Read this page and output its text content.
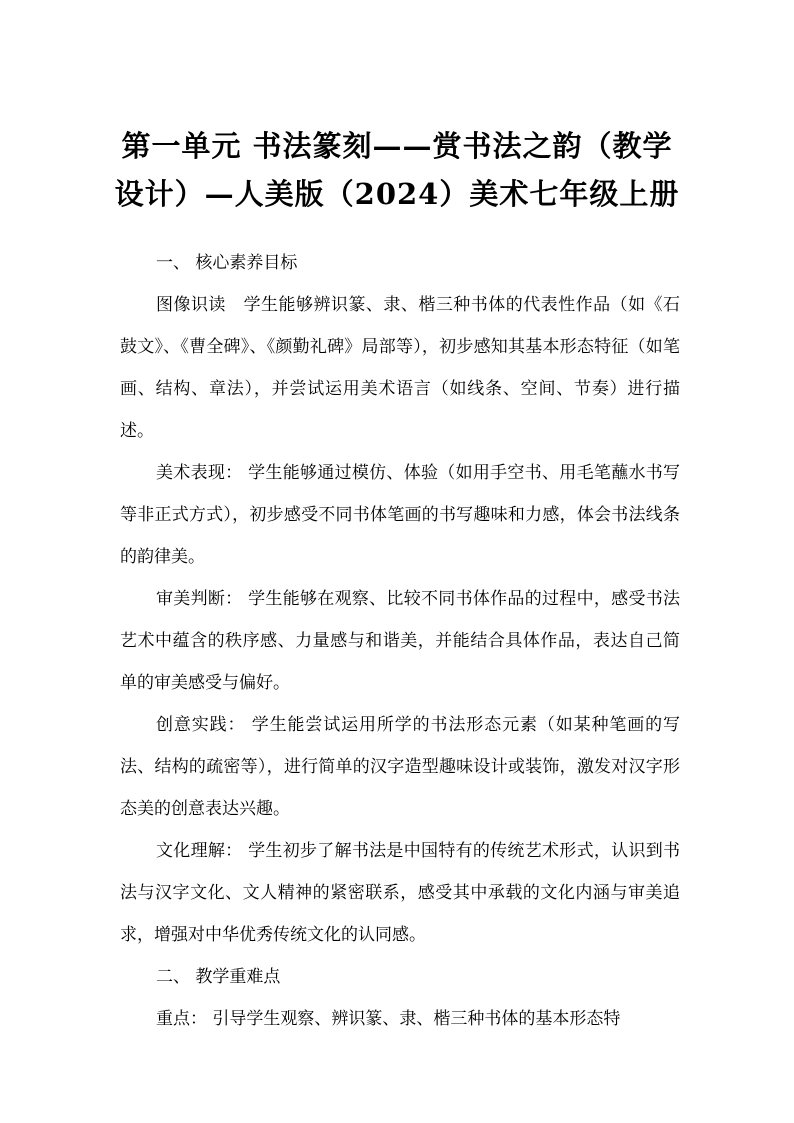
第一单元 书法篆刻——赏书法之韵（教学设计）—人美版（2024）美术七年级上册

一、 核心素养目标

图像识读 学生能够辨识篆、隶、楷三种书体的代表性作品（如《石鼓文》、《曹全碑》、《颜勤礼碑》局部等），初步感知其基本形态特征（如笔画、结构、章法），并尝试运用美术语言（如线条、空间、节奏）进行描述。

美术表现： 学生能够通过模仿、体验（如用手空书、用毛笔蘸水书写等非正式方式），初步感受不同书体笔画的书写趣味和力感，体会书法线条的韵律美。

审美判断： 学生能够在观察、比较不同书体作品的过程中，感受书法艺术中蕴含的秩序感、力量感与和谐美，并能结合具体作品，表达自己简单的审美感受与偏好。

创意实践： 学生能尝试运用所学的书法形态元素（如某种笔画的写法、结构的疏密等），进行简单的汉字造型趣味设计或装饰，激发对汉字形态美的创意表达兴趣。

文化理解： 学生初步了解书法是中国特有的传统艺术形式，认识到书法与汉字文化、文人精神的紧密联系，感受其中承载的文化内涵与审美追求，增强对中华优秀传统文化的认同感。

二、 教学重难点

重点： 引导学生观察、辨识篆、隶、楷三种书体的基本形态特
